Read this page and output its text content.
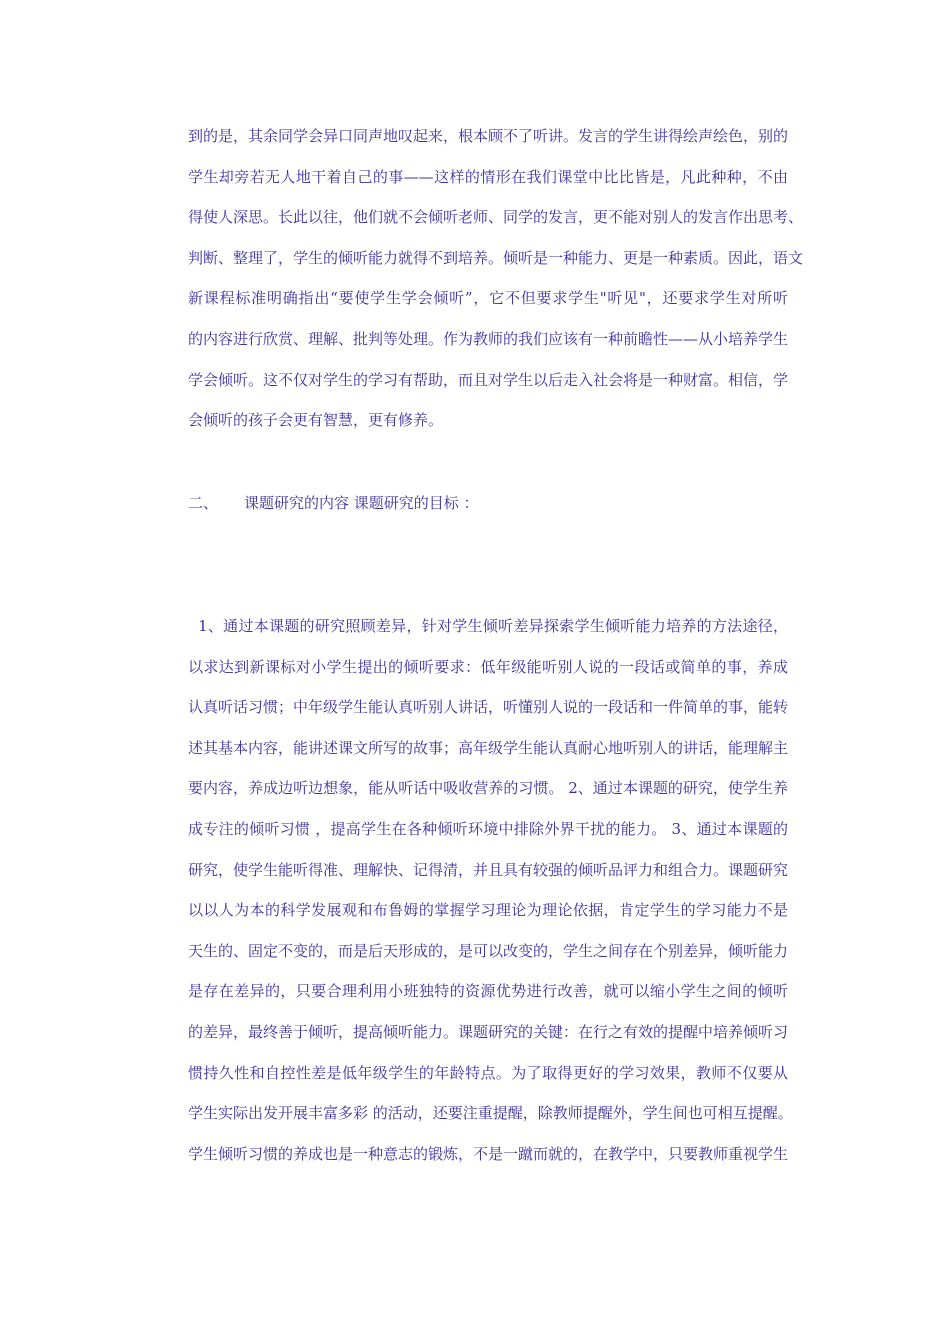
到的是，其余同学会异口同声地叹起来，根本顾不了听讲。发言的学生讲得绘声绘色，别的
学生却旁若无人地干着自己的事——这样的情形在我们课堂中比比皆是，凡此种种，不由
得使人深思。长此以往，他们就不会倾听老师、同学的发言，更不能对别人的发言作出思考、
判断、整理了，学生的倾听能力就得不到培养。倾听是一种能力、更是一种素质。因此，语文
新课程标准明确指出“要使学生学会倾听”，它不但要求学生"听见"，还要求学生对所听
的内容进行欣赏、理解、批判等处理。作为教师的我们应该有一种前瞻性——从小培养学生
学会倾听。这不仅对学生的学习有帮助，而且对学生以后走入社会将是一种财富。相信，学
会倾听的孩子会更有智慧，更有修养。
二、 课题研究的内容 课题研究的目标 ：
1、通过本课题的研究照顾差异，针对学生倾听差异探索学生倾听能力培养的方法途径，
以求达到新课标对小学生提出的倾听要求：低年级能听别人说的一段话或简单的事，养成
认真听话习惯；中年级学生能认真听别人讲话，听懂别人说的一段话和一件简单的事，能转
述其基本内容，能讲述课文所写的故事；高年级学生能认真耐心地听别人的讲话，能理解主
要内容，养成边听边想象，能从听话中吸收营养的习惯。 2、通过本课题的研究，使学生养
成专注的倾听习惯 ，提高学生在各种倾听环境中排除外界干扰的能力。 3、通过本课题的
研究，使学生能听得准、理解快、记得清，并且具有较强的倾听品评力和组合力。课题研究
以以人为本的科学发展观和布鲁姆的掌握学习理论为理论依据，肯定学生的学习能力不是
天生的、固定不变的，而是后天形成的，是可以改变的，学生之间存在个别差异，倾听能力
是存在差异的，只要合理利用小班独特的资源优势进行改善，就可以缩小学生之间的倾听
的差异，最终善于倾听，提高倾听能力。课题研究的关键：在行之有效的提醒中培养倾听习
惯持久性和自控性差是低年级学生的年龄特点。为了取得更好的学习效果，教师不仅要从
学生实际出发开展丰富多彩 的活动，还要注重提醒，除教师提醒外，学生间也可相互提醒。
学生倾听习惯的养成也是一种意志的锻炼，不是一蹴而就的，在教学中，只要教师重视学生
